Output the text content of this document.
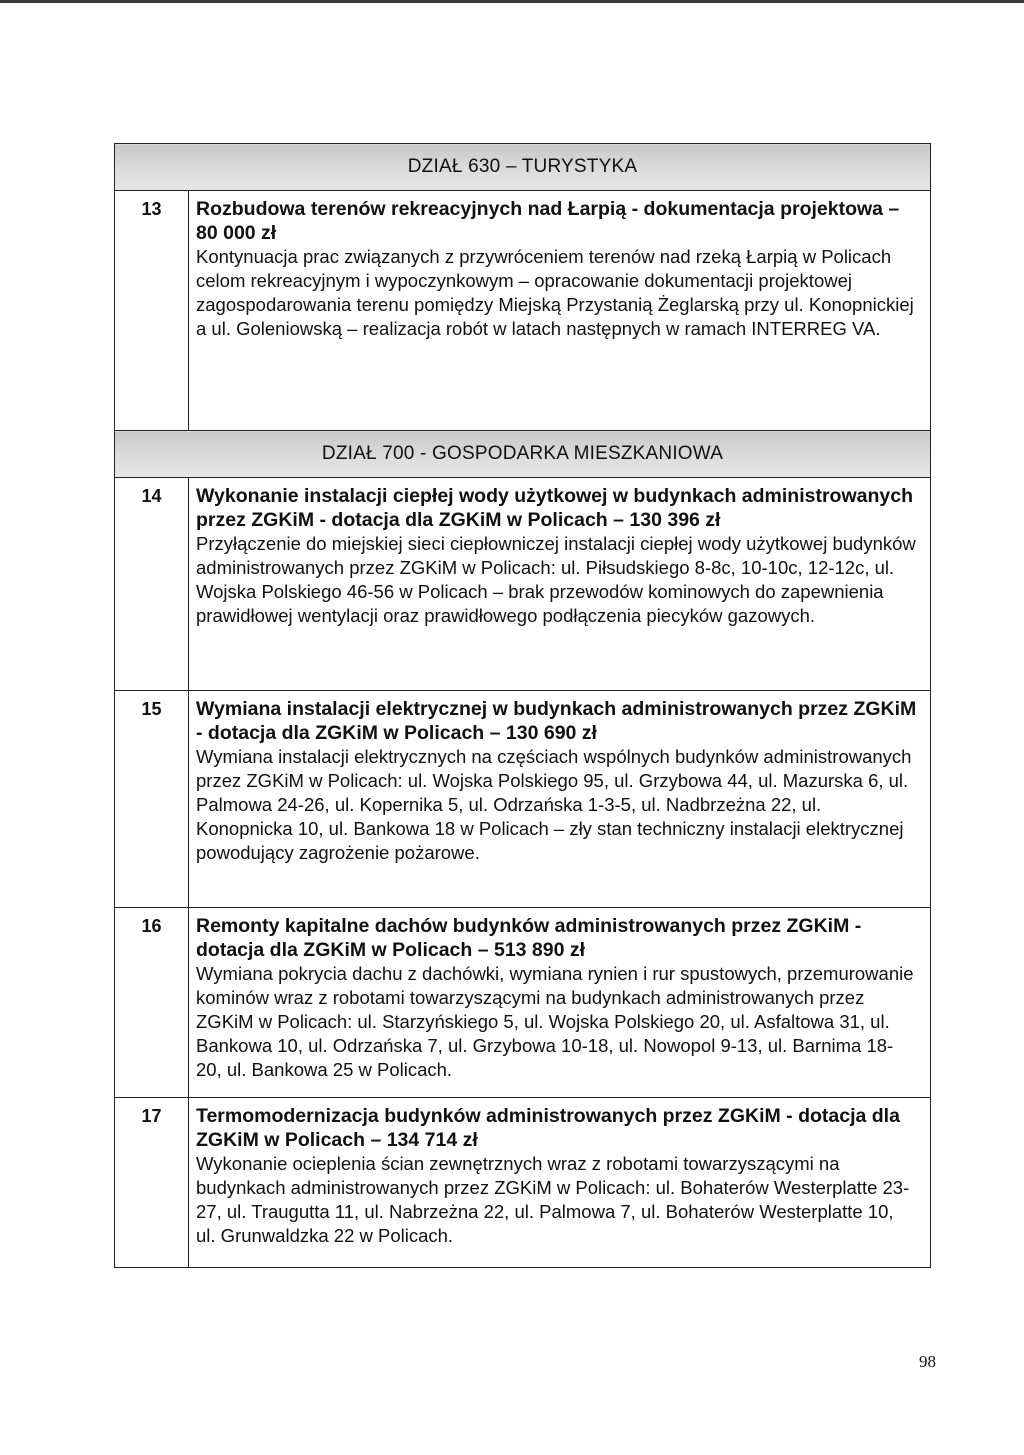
DZIAŁ 630 – TURYSTYKA	
13	Rozbudowa terenów rekreacyjnych nad Łarpią - dokumentacja projektowa – 80 000 zł
Kontynuacja prac związanych z przywróceniem terenów nad rzeką Łarpią w Policach celom rekreacyjnym i wypoczynkowym – opracowanie dokumentacji projektowej zagospodarowania terenu pomiędzy Miejską Przystanią Żeglarską przy ul. Konopnickiej a ul. Goleniowską – realizacja robót w latach następnych w ramach INTERREG VA.

DZIAŁ 700 - GOSPODARKA MIESZKANIOWA	
14	Wykonanie instalacji ciepłej wody użytkowej w budynkach administrowanych przez ZGKiM - dotacja dla ZGKiM w Policach – 130 396 zł
Przyłączenie do miejskiej sieci ciepłowniczej instalacji ciepłej wody użytkowej budynków administrowanych przez ZGKiM w Policach: ul. Piłsudskiego 8-8c, 10-10c, 12-12c, ul. Wojska Polskiego 46-56 w Policach – brak przewodów kominowych do zapewnienia prawidłowej wentylacji oraz prawidłowego podłączenia piecyków gazowych.

15	Wymiana instalacji elektrycznej w budynkach administrowanych przez ZGKiM - dotacja dla ZGKiM w Policach – 130 690 zł
Wymiana instalacji elektrycznych na częściach wspólnych budynków administrowanych przez ZGKiM w Policach: ul. Wojska Polskiego 95, ul. Grzybowa 44, ul. Mazurska 6, ul. Palmowa 24-26, ul. Kopernika 5, ul. Odrzańska 1-3-5, ul. Nadbrzeżna 22, ul. Konopnicka 10, ul. Bankowa 18 w Policach – zły stan techniczny instalacji elektrycznej powodujący zagrożenie pożarowe.

16	Remonty kapitalne dachów budynków administrowanych przez ZGKiM - dotacja dla ZGKiM w Policach – 513 890 zł
Wymiana pokrycia dachu z dachówki, wymiana rynien i rur spustowych, przemurowanie kominów wraz z robotami towarzyszącymi na budynkach administrowanych przez ZGKiM w Policach: ul. Starzyńskiego 5, ul. Wojska Polskiego 20, ul. Asfaltowa 31, ul. Bankowa 10, ul. Odrzańska 7, ul. Grzybowa 10-18, ul. Nowopol 9-13, ul. Barnima 18-20, ul. Bankowa 25 w Policach.

17	Termomodernizacja budynków administrowanych przez ZGKiM - dotacja dla ZGKiM w Policach – 134 714 zł
Wykonanie ocieplenia ścian zewnętrznych wraz z robotami towarzyszącymi na budynkach administrowanych przez ZGKiM w Policach: ul. Bohaterów Westerplatte 23-27, ul. Traugutta 11, ul. Nabrzeżna 22, ul. Palmowa 7, ul. Bohaterów Westerplatte 10, ul. Grunwaldzka 22 w Policach.
98
